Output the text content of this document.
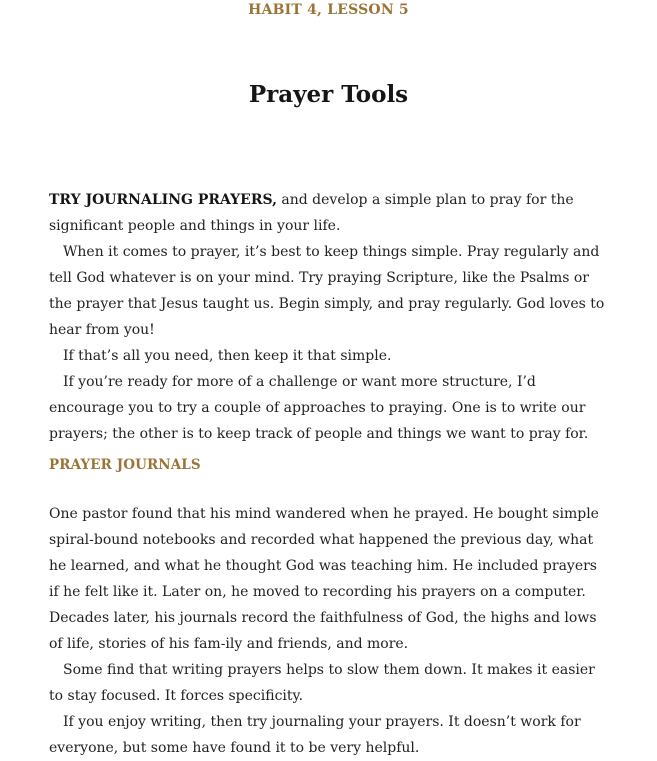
HABIT 4, LESSON 5
Prayer Tools

TRY JOURNALING PRAYERS, and develop a simple plan to pray for the significant people and things in your life.

When it comes to prayer, it’s best to keep things simple. Pray regularly and tell God whatever is on your mind. Try praying Scripture, like the Psalms or the prayer that Jesus taught us. Begin simply, and pray regularly. God loves to hear from you!

If that’s all you need, then keep it that simple.

If you’re ready for more of a challenge or want more structure, I’d encourage you to try a couple of approaches to praying. One is to write our prayers; the other is to keep track of people and things we want to pray for.

PRAYER JOURNALS

One pastor found that his mind wandered when he prayed. He bought simple spiral-bound notebooks and recorded what happened the previous day, what he learned, and what he thought God was teaching him. He included prayers if he felt like it. Later on, he moved to recording his prayers on a computer. Decades later, his journals record the faithfulness of God, the highs and lows of life, stories of his fam-ily and friends, and more.

Some find that writing prayers helps to slow them down. It makes it easier to stay focused. It forces specificity.

If you enjoy writing, then try journaling your prayers. It doesn’t work for everyone, but some have found it to be very helpful.
